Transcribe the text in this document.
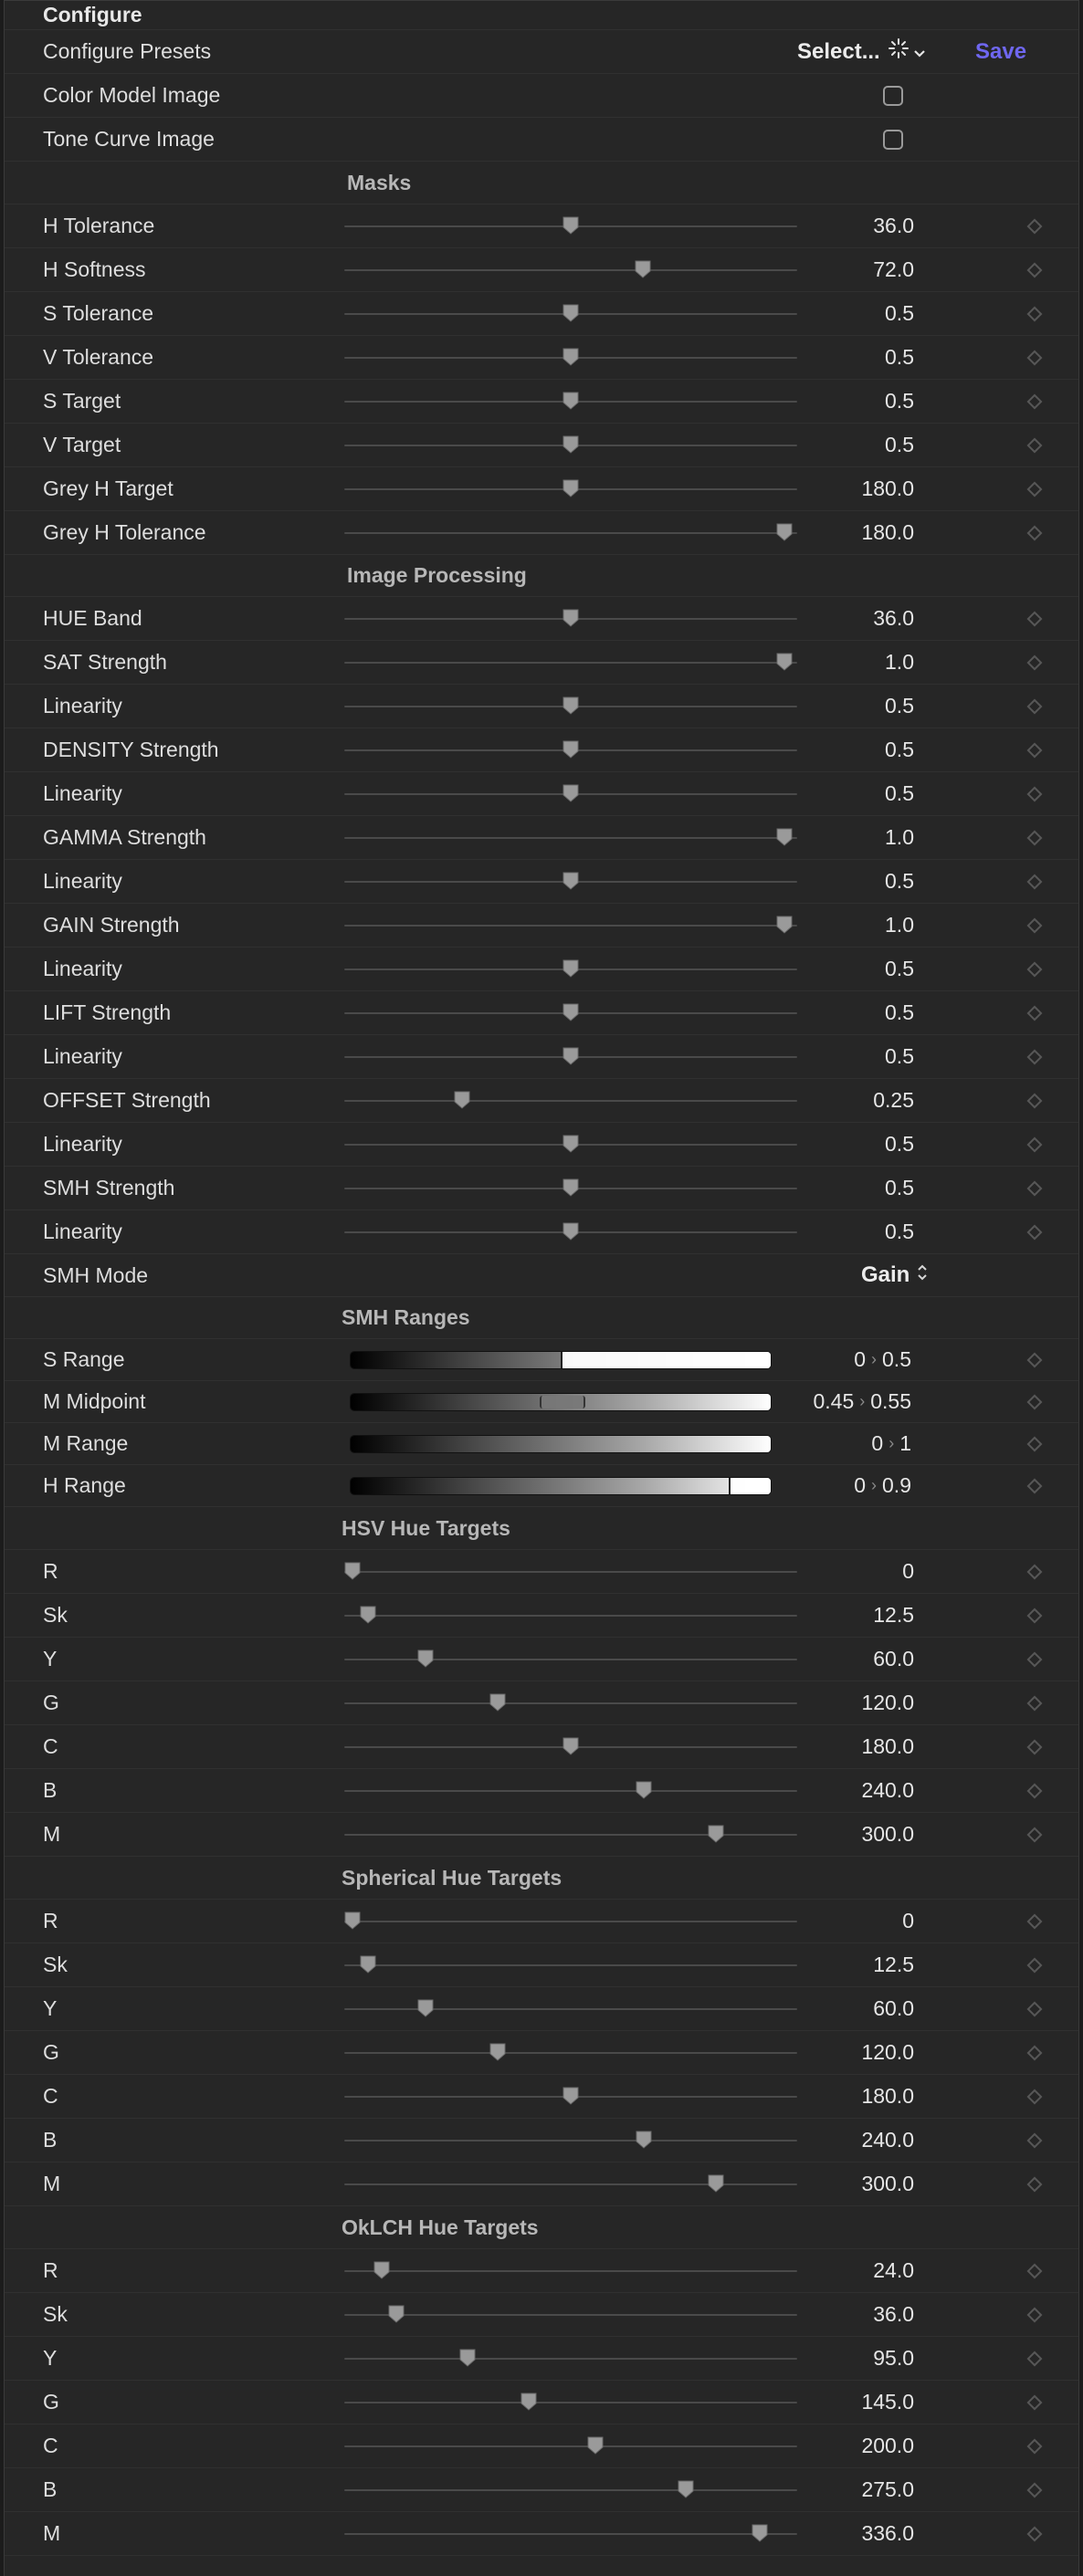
Configure
Configure Presets	Select...	Save
Color Model Image
Tone Curve Image
Masks
H Tolerance	36.0
H Softness	72.0
S Tolerance	0.5
V Tolerance	0.5
S Target	0.5
V Target	0.5
Grey H Target	180.0
Grey H Tolerance	180.0
Image Processing
HUE Band	36.0
SAT Strength	1.0
Linearity	0.5
DENSITY Strength	0.5
Linearity	0.5
GAMMA Strength	1.0
Linearity	0.5
GAIN Strength	1.0
Linearity	0.5
LIFT Strength	0.5
Linearity	0.5
OFFSET Strength	0.25
Linearity	0.5
SMH Strength	0.5
Linearity	0.5
SMH Mode	Gain
SMH Ranges
S Range	0 › 0.5
M Midpoint	0.45 › 0.55
M Range	0 › 1
H Range	0 › 0.9
HSV Hue Targets
R	0
Sk	12.5
Y	60.0
G	120.0
C	180.0
B	240.0
M	300.0
Spherical Hue Targets
R	0
Sk	12.5
Y	60.0
G	120.0
C	180.0
B	240.0
M	300.0
OkLCH Hue Targets
R	24.0
Sk	36.0
Y	95.0
G	145.0
C	200.0
B	275.0
M	336.0
